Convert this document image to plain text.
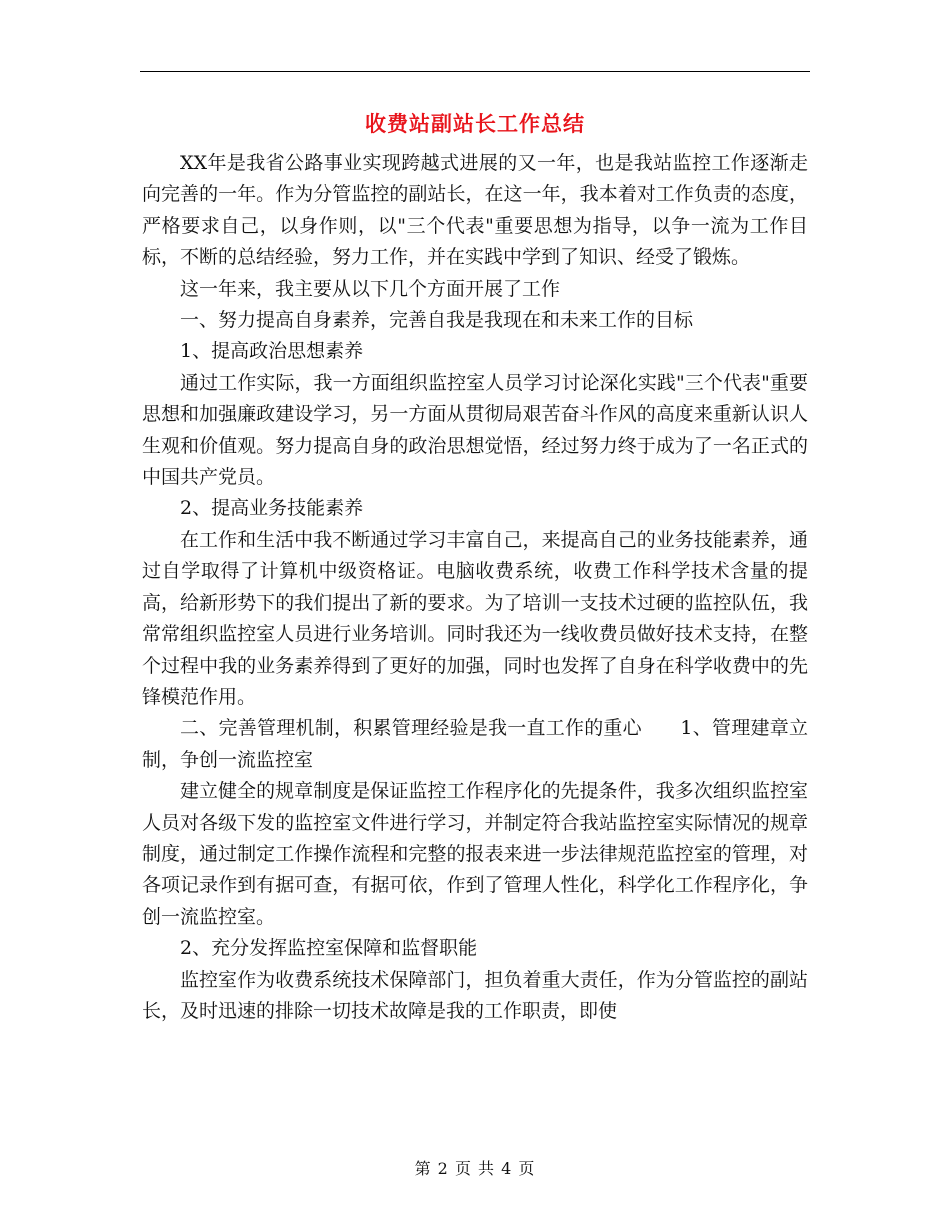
收费站副站长工作总结

XX年是我省公路事业实现跨越式进展的又一年，也是我站监控工作逐渐走向完善的一年。作为分管监控的副站长，在这一年，我本着对工作负责的态度，严格要求自己，以身作则，以"三个代表"重要思想为指导，以争一流为工作目标，不断的总结经验，努力工作，并在实践中学到了知识、经受了锻炼。

这一年来，我主要从以下几个方面开展了工作

一、努力提高自身素养，完善自我是我现在和未来工作的目标

1、提高政治思想素养

通过工作实际，我一方面组织监控室人员学习讨论深化实践"三个代表"重要思想和加强廉政建设学习，另一方面从贯彻局艰苦奋斗作风的高度来重新认识人生观和价值观。努力提高自身的政治思想觉悟，经过努力终于成为了一名正式的中国共产党员。

2、提高业务技能素养

在工作和生活中我不断通过学习丰富自己，来提高自己的业务技能素养，通过自学取得了计算机中级资格证。电脑收费系统，收费工作科学技术含量的提高，给新形势下的我们提出了新的要求。为了培训一支技术过硬的监控队伍，我常常组织监控室人员进行业务培训。同时我还为一线收费员做好技术支持，在整个过程中我的业务素养得到了更好的加强，同时也发挥了自身在科学收费中的先锋模范作用。

二、完善管理机制，积累管理经验是我一直工作的重心　　1、管理建章立制，争创一流监控室

建立健全的规章制度是保证监控工作程序化的先提条件，我多次组织监控室人员对各级下发的监控室文件进行学习，并制定符合我站监控室实际情况的规章制度，通过制定工作操作流程和完整的报表来进一步法律规范监控室的管理，对各项记录作到有据可查，有据可依，作到了管理人性化，科学化工作程序化，争创一流监控室。

2、充分发挥监控室保障和监督职能

监控室作为收费系统技术保障部门，担负着重大责任，作为分管监控的副站长，及时迅速的排除一切技术故障是我的工作职责，即使

第 2 页 共 4 页
